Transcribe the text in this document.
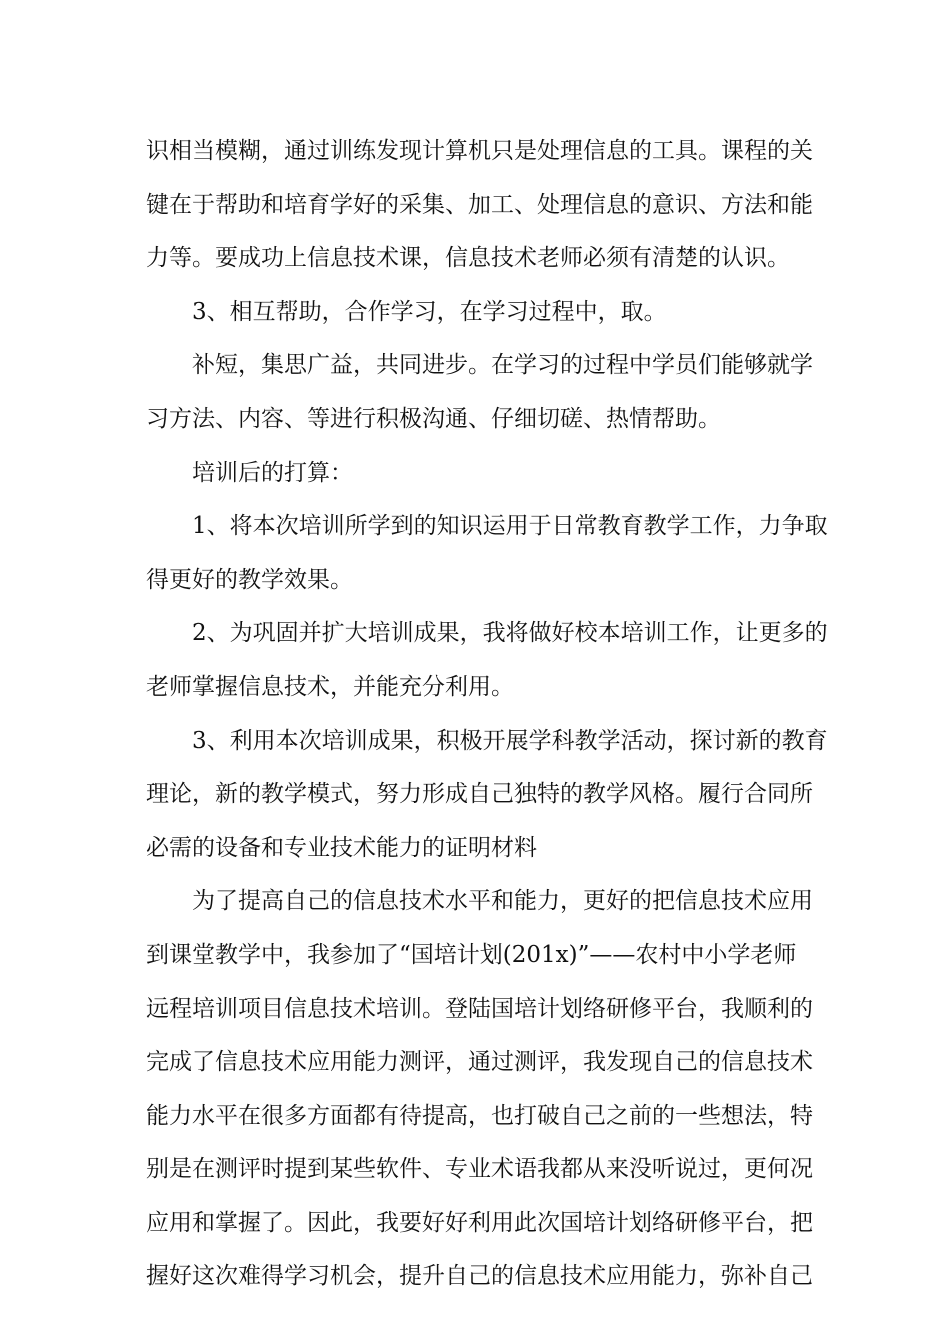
识相当模糊，通过训练发现计算机只是处理信息的工具。课程的关
键在于帮助和培育学好的采集、加工、处理信息的意识、方法和能
力等。要成功上信息技术课，信息技术老师必须有清楚的认识。
3、相互帮助，合作学习，在学习过程中，取。
补短，集思广益，共同进步。在学习的过程中学员们能够就学
习方法、内容、等进行积极沟通、仔细切磋、热情帮助。
培训后的打算：
1、将本次培训所学到的知识运用于日常教育教学工作，力争取
得更好的教学效果。
2、为巩固并扩大培训成果，我将做好校本培训工作，让更多的
老师掌握信息技术，并能充分利用。
3、利用本次培训成果，积极开展学科教学活动，探讨新的教育
理论，新的教学模式，努力形成自己独特的教学风格。履行合同所
必需的设备和专业技术能力的证明材料
为了提高自己的信息技术水平和能力，更好的把信息技术应用
到课堂教学中，我参加了“国培计划(201x)”——农村中小学老师
远程培训项目信息技术培训。登陆国培计划络研修平台，我顺利的
完成了信息技术应用能力测评，通过测评，我发现自己的信息技术
能力水平在很多方面都有待提高，也打破自己之前的一些想法，特
别是在测评时提到某些软件、专业术语我都从来没听说过，更何况
应用和掌握了。因此，我要好好利用此次国培计划络研修平台，把
握好这次难得学习机会，提升自己的信息技术应用能力，弥补自己
